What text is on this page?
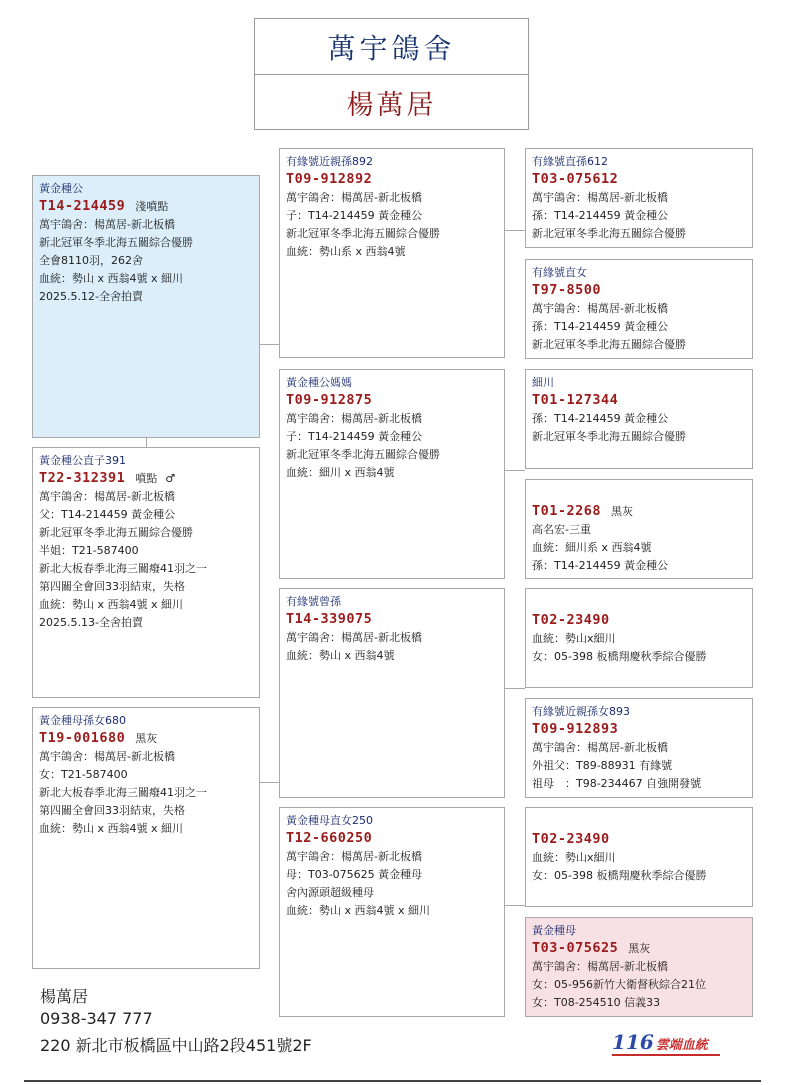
萬宇鴿舍
楊萬居
黃金種公
T14-214459 淺噴點
萬宇鴿舍：楊萬居-新北板橋
新北冠軍冬季北海五關綜合優勝
全會8110羽，262舍
血統：勢山 x 西翁4號 x 細川
2025.5.12-全舍拍賣
黃金種公直子391
T22-312391 噴點 ♂
萬宇鴿舍：楊萬居-新北板橋
父：T14-214459 黃金種公
新北冠軍冬季北海五關綜合優勝
半姐：T21-587400
新北大板春季北海三關癈41羽之一
第四關全會回33羽結束，失格
血統：勢山 x 西翁4號 x 細川
2025.5.13-全舍拍賣
黃金種母孫女680
T19-001680 黑灰
萬宇鴿舍：楊萬居-新北板橋
女：T21-587400
新北大板春季北海三關癈41羽之一
第四關全會回33羽結束，失格
血統：勢山 x 西翁4號 x 細川
有緣號近親孫892
T09-912892
萬宇鴿舍：楊萬居-新北板橋
子：T14-214459 黃金種公
新北冠軍冬季北海五關綜合優勝
血統：勢山系 x 西翁4號
黃金種公媽媽
T09-912875
萬宇鴿舍：楊萬居-新北板橋
子：T14-214459 黃金種公
新北冠軍冬季北海五關綜合優勝
血統：細川 x 西翁4號
有緣號曾孫
T14-339075
萬宇鴿舍：楊萬居-新北板橋
血統：勢山 x 西翁4號
黃金種母直女250
T12-660250
萬宇鴿舍：楊萬居-新北板橋
母：T03-075625 黃金種母
舍內源頭超級種母
血統：勢山 x 西翁4號 x 細川
有緣號直孫612
T03-075612
萬宇鴿舍：楊萬居-新北板橋
孫：T14-214459 黃金種公
新北冠軍冬季北海五關綜合優勝
有緣號直女
T97-8500
萬宇鴿舍：楊萬居-新北板橋
孫：T14-214459 黃金種公
新北冠軍冬季北海五關綜合優勝
細川
T01-127344
孫：T14-214459 黃金種公
新北冠軍冬季北海五關綜合優勝
T01-2268 黑灰
高名宏-三重
血統：細川系 x 西翁4號
孫：T14-214459 黃金種公
T02-23490
血統：勢山x細川
女：05-398 板橋翔慶秋季綜合優勝
有緣號近親孫女893
T09-912893
萬宇鴿舍：楊萬居-新北板橋
外祖父：T89-88931 有緣號
祖母　：T98-234467 自強開發號
T02-23490
血統：勢山x細川
女：05-398 板橋翔慶秋季綜合優勝
黃金種母
T03-075625 黑灰
萬宇鴿舍：楊萬居-新北板橋
女：05-956新竹大衛督秋綜合21位
女：T08-254510 信義33
楊萬居
0938-347 777
220 新北市板橋區中山路2段451號2F	116 雲端血統
